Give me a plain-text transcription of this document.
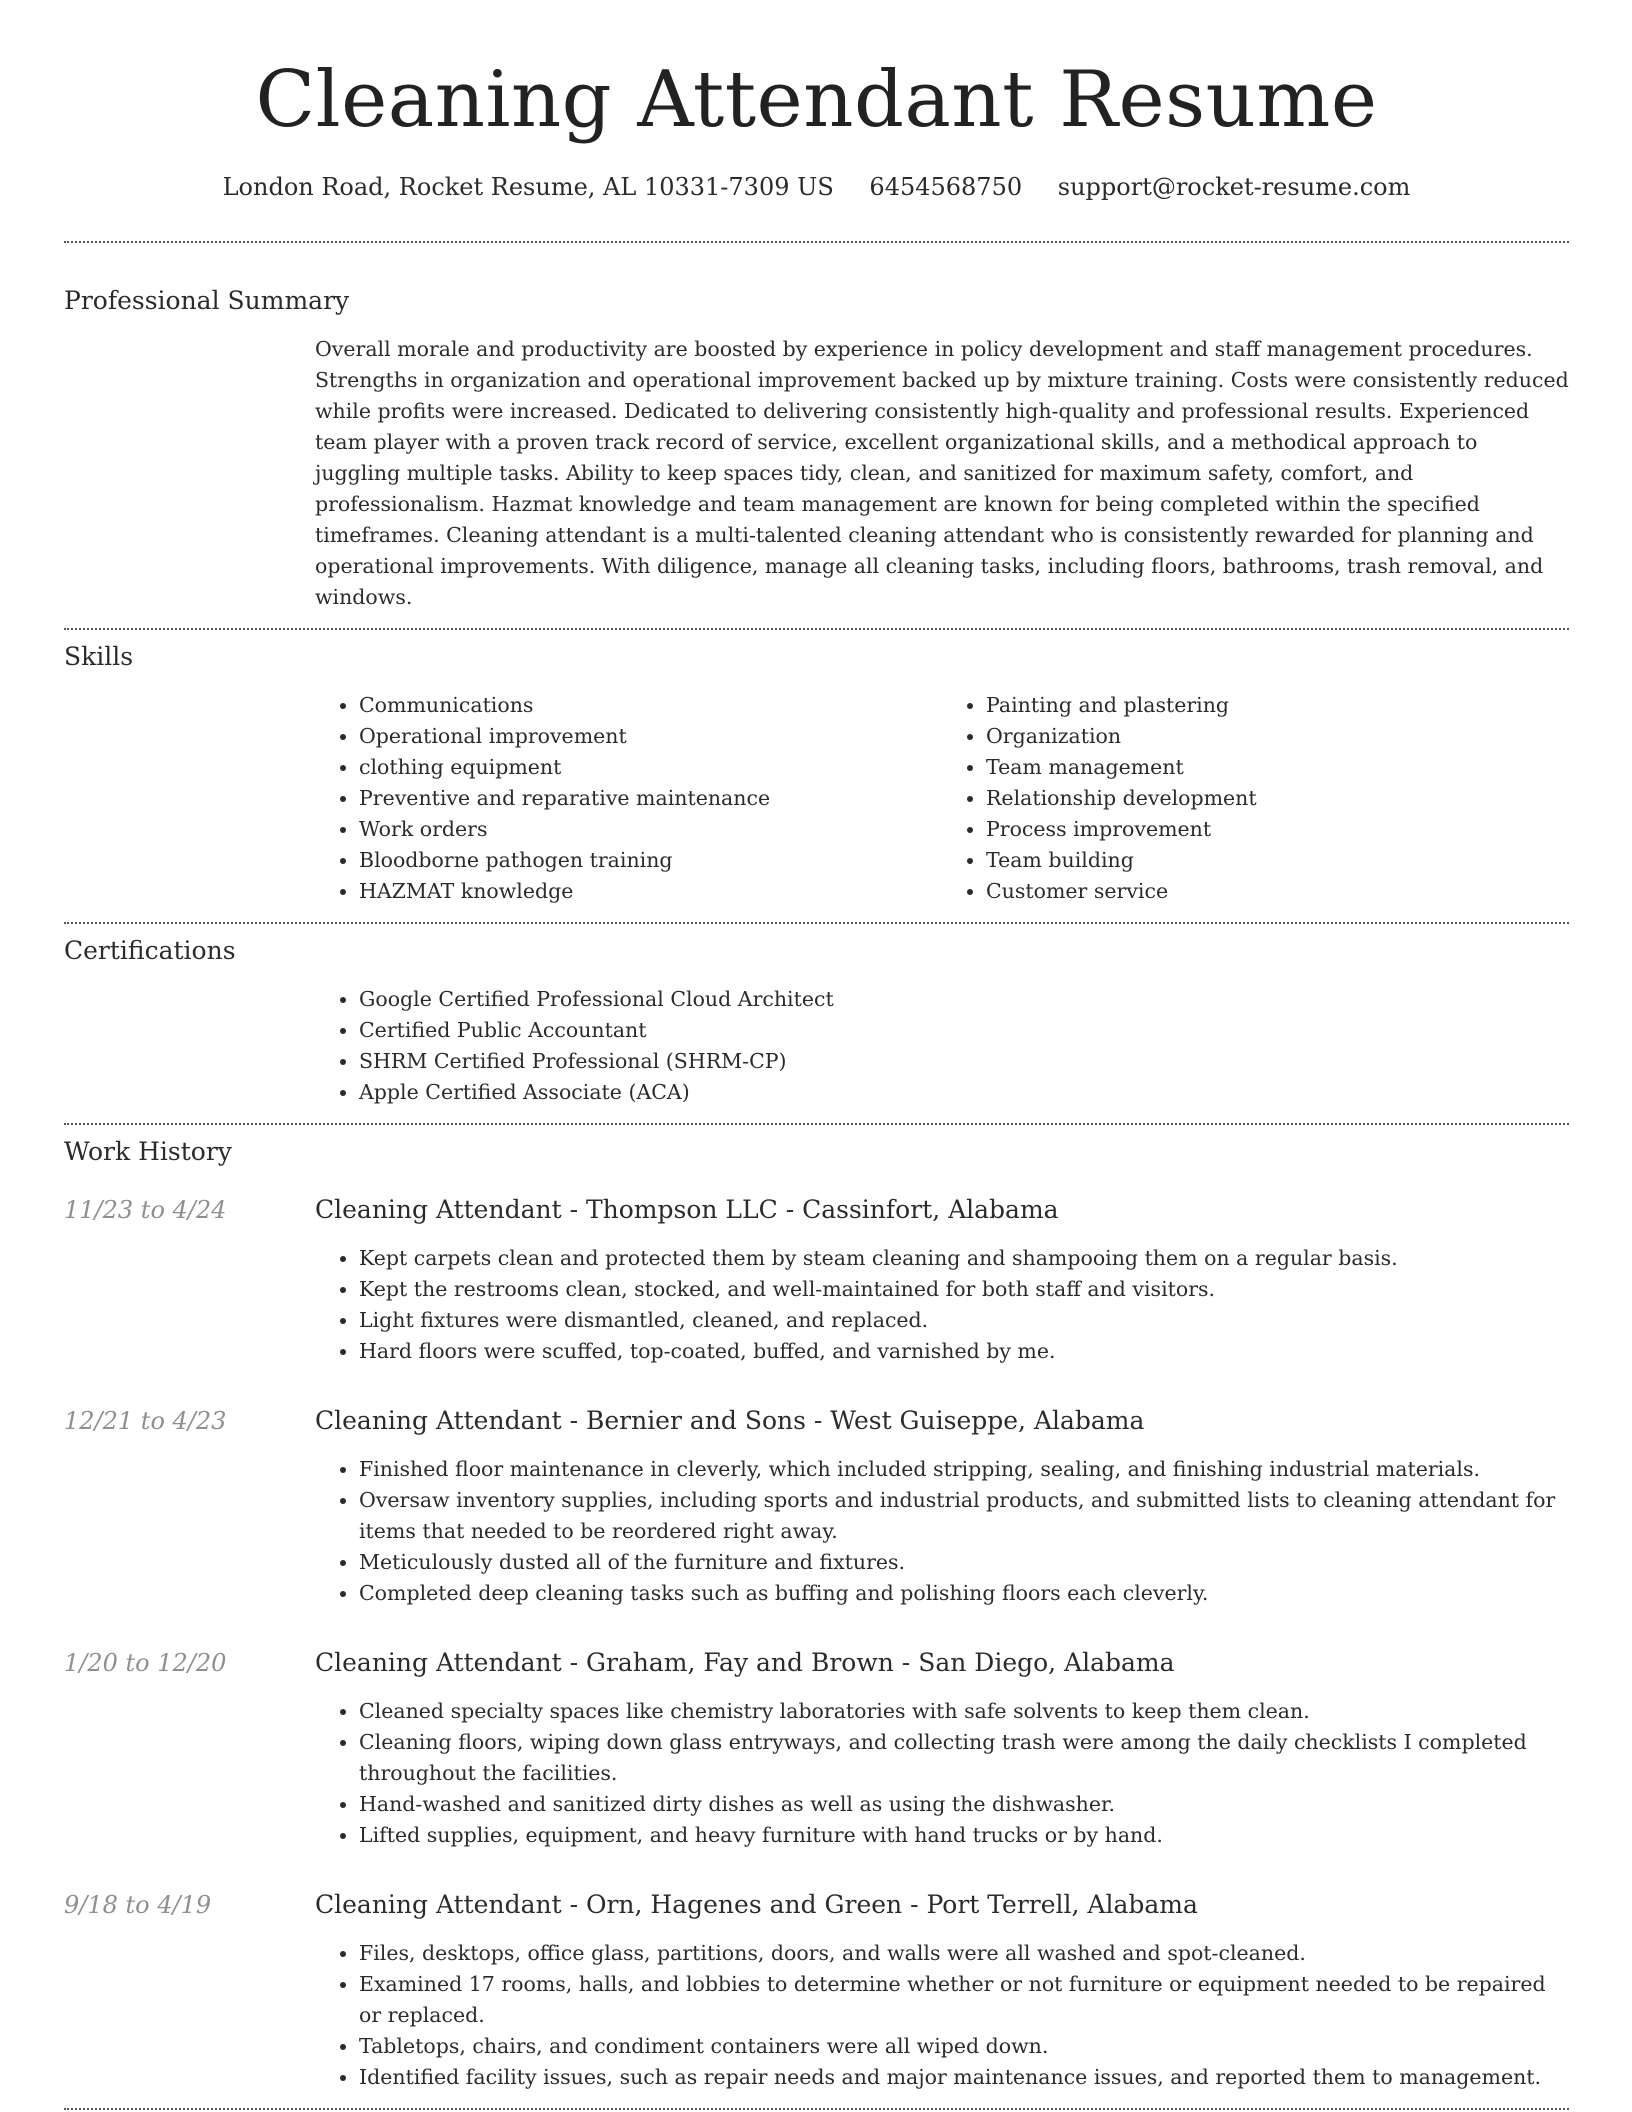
Cleaning Attendant Resume
London Road, Rocket Resume, AL 10331-7309 US 6454568750 support@rocket-resume.com
Professional Summary
Overall morale and productivity are boosted by experience in policy development and staff management procedures. Strengths in organization and operational improvement backed up by mixture training. Costs were consistently reduced while profits were increased. Dedicated to delivering consistently high-quality and professional results. Experienced team player with a proven track record of service, excellent organizational skills, and a methodical approach to juggling multiple tasks. Ability to keep spaces tidy, clean, and sanitized for maximum safety, comfort, and professionalism. Hazmat knowledge and team management are known for being completed within the specified timeframes. Cleaning attendant is a multi-talented cleaning attendant who is consistently rewarded for planning and operational improvements. With diligence, manage all cleaning tasks, including floors, bathrooms, trash removal, and windows.
Skills
• Communications
• Operational improvement
• clothing equipment
• Preventive and reparative maintenance
• Work orders
• Bloodborne pathogen training
• HAZMAT knowledge
• Painting and plastering
• Organization
• Team management
• Relationship development
• Process improvement
• Team building
• Customer service
Certifications
• Google Certified Professional Cloud Architect
• Certified Public Accountant
• SHRM Certified Professional (SHRM-CP)
• Apple Certified Associate (ACA)
Work History
11/23 to 4/24	Cleaning Attendant - Thompson LLC - Cassinfort, Alabama
• Kept carpets clean and protected them by steam cleaning and shampooing them on a regular basis.
• Kept the restrooms clean, stocked, and well-maintained for both staff and visitors.
• Light fixtures were dismantled, cleaned, and replaced.
• Hard floors were scuffed, top-coated, buffed, and varnished by me.
12/21 to 4/23	Cleaning Attendant - Bernier and Sons - West Guiseppe, Alabama
• Finished floor maintenance in cleverly, which included stripping, sealing, and finishing industrial materials.
• Oversaw inventory supplies, including sports and industrial products, and submitted lists to cleaning attendant for items that needed to be reordered right away.
• Meticulously dusted all of the furniture and fixtures.
• Completed deep cleaning tasks such as buffing and polishing floors each cleverly.
1/20 to 12/20	Cleaning Attendant - Graham, Fay and Brown - San Diego, Alabama
• Cleaned specialty spaces like chemistry laboratories with safe solvents to keep them clean.
• Cleaning floors, wiping down glass entryways, and collecting trash were among the daily checklists I completed throughout the facilities.
• Hand-washed and sanitized dirty dishes as well as using the dishwasher.
• Lifted supplies, equipment, and heavy furniture with hand trucks or by hand.
9/18 to 4/19	Cleaning Attendant - Orn, Hagenes and Green - Port Terrell, Alabama
• Files, desktops, office glass, partitions, doors, and walls were all washed and spot-cleaned.
• Examined 17 rooms, halls, and lobbies to determine whether or not furniture or equipment needed to be repaired or replaced.
• Tabletops, chairs, and condiment containers were all wiped down.
• Identified facility issues, such as repair needs and major maintenance issues, and reported them to management.
